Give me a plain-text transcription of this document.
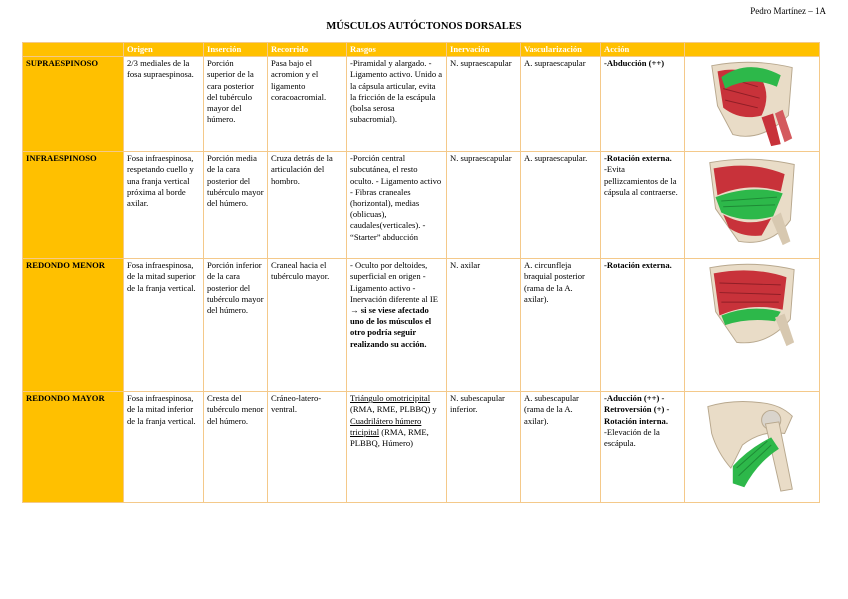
Pedro Martínez – 1A
MÚSCULOS AUTÓCTONOS DORSALES
	Origen	Inserción	Recorrido	Rasgos	Inervación	Vascularización	Acción	
SUPRAESPINOSO	2/3 mediales de la fosa supraespinosa.	Porción superior de la cara posterior del tubérculo mayor del húmero.	Pasa bajo el acromion y el ligamento coracoacromial.	-Piramidal y alargado. -Ligamento activo. Unido a la cápsula articular, evita la fricción de la escápula (bolsa serosa subacromial).	N. supraescapular	A. supraescapular	-Abducción (++)	

INFRAESPINOSO	Fosa infraespinosa, respetando cuello y una franja vertical próxima al borde axilar.	Porción media de la cara posterior del tubérculo mayor del húmero.	Cruza detrás de la articulación del hombro.	-Porción central subcutánea, el resto oculto. - Ligamento activo - Fibras craneales (horizontal), medias (oblicuas), caudales(verticales). - “Starter” abducción	N. supraescapular	A. supraescapular.	-Rotación externa.
-Evita pellizcamientos de la cápsula al contraerse.	

REDONDO MENOR	Fosa infraespinosa, de la mitad superior de la franja vertical.	Porción inferior de la cara posterior del tubérculo mayor del húmero.	Craneal hacia el tubérculo mayor.	- Oculto por deltoides, superficial en origen - Ligamento activo - Inervación diferente al IE → si se viese afectado uno de los músculos el otro podría seguir realizando su acción.	N. axilar	A. circunfleja braquial posterior (rama de la A. axilar).	-Rotación externa.	

REDONDO MAYOR	Fosa infraespinosa, de la mitad inferior de la franja vertical.	Cresta del tubérculo menor del húmero.	Cráneo-latero-ventral.	Triángulo omotricipital (RMA, RME, PLBBQ) y Cuadrilátero húmero tricipital (RMA, RME, PLBBQ, Húmero)	N. subescapular inferior.	A. subescapular (rama de la A. axilar).	-Aducción (++) -Retroversión (+) -Rotación interna.
-Elevación de la escápula.	
